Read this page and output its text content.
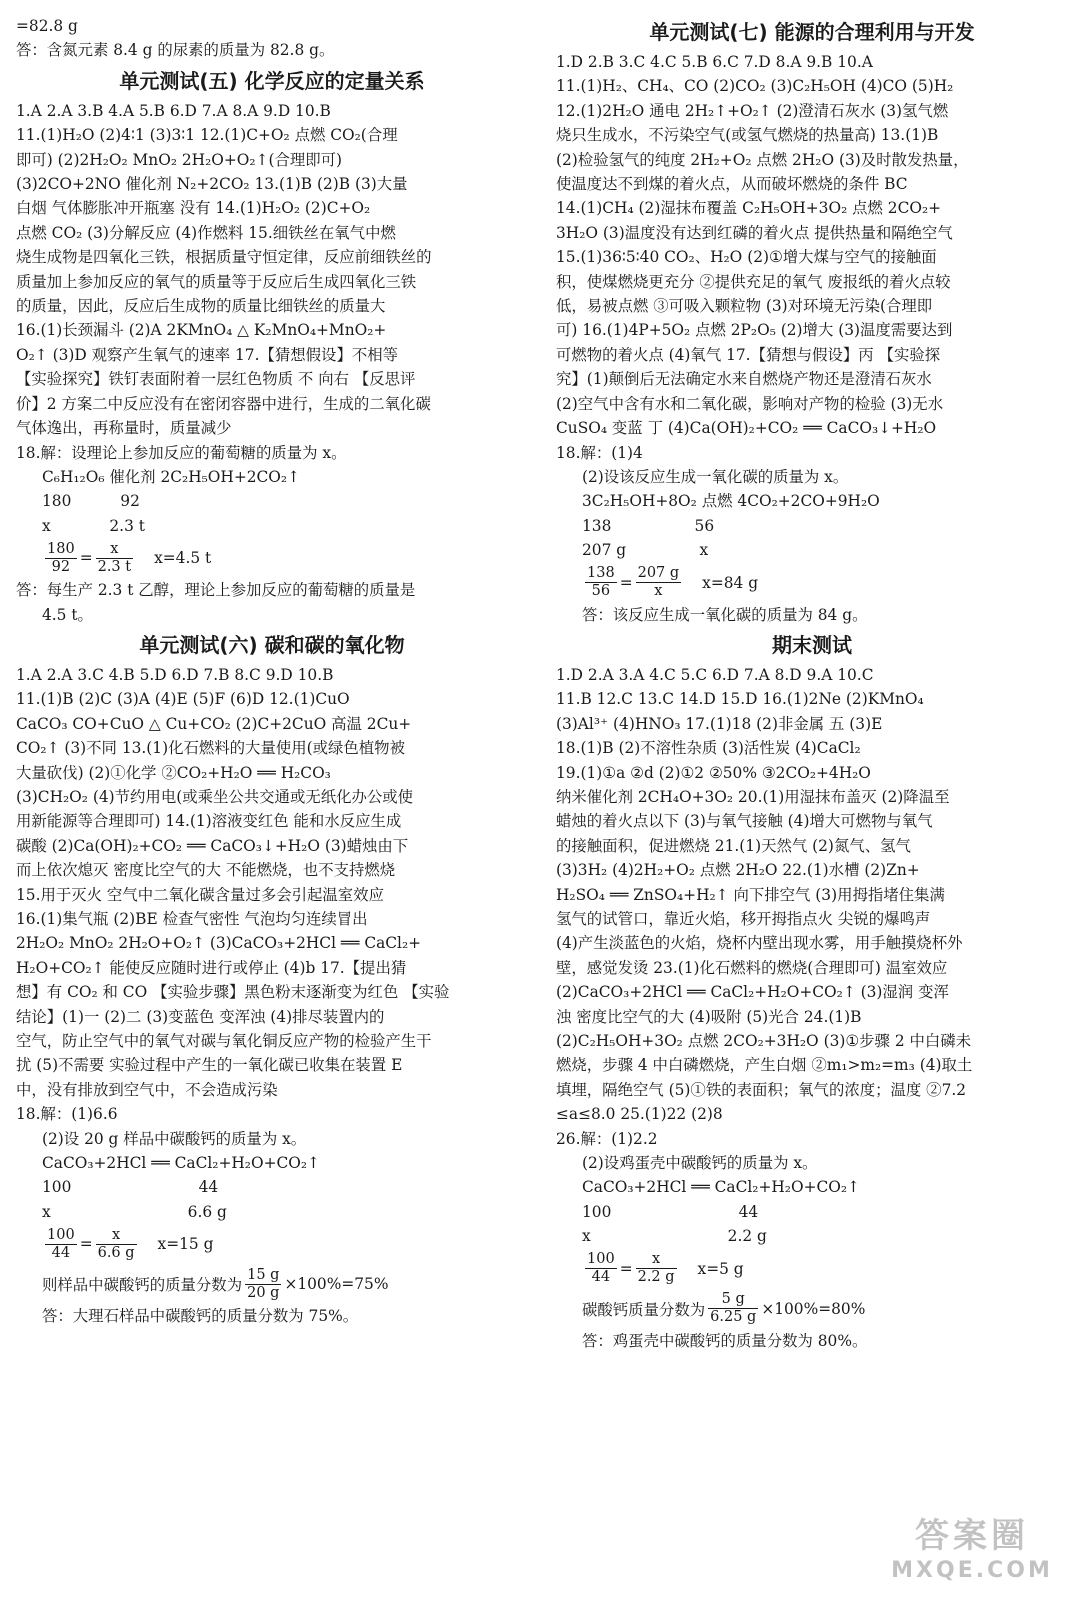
=82.8 g

答：含氮元素 8.4 g 的尿素的质量为 82.8 g。

单元测试(五) 化学反应的定量关系

1.A 2.A 3.B 4.A 5.B 6.D 7.A 8.A 9.D 10.B

11.(1)H₂O (2)4∶1 (3)3∶1 12.(1)C+O₂ 点燃 CO₂(合理

即可) (2)2H₂O₂ MnO₂ 2H₂O+O₂↑(合理即可)

(3)2CO+2NO 催化剂 N₂+2CO₂ 13.(1)B (2)B (3)大量

白烟 气体膨胀冲开瓶塞 没有 14.(1)H₂O₂ (2)C+O₂

点燃 CO₂ (3)分解反应 (4)作燃料 15.细铁丝在氧气中燃

烧生成物是四氧化三铁，根据质量守恒定律，反应前细铁丝的

质量加上参加反应的氧气的质量等于反应后生成四氧化三铁

的质量，因此，反应后生成物的质量比细铁丝的质量大

16.(1)长颈漏斗 (2)A 2KMnO₄ △ K₂MnO₄+MnO₂+

O₂↑ (3)D 观察产生氧气的速率 17.【猜想假设】不相等

【实验探究】铁钉表面附着一层红色物质 不 向右 【反思评

价】2 方案二中反应没有在密闭容器中进行，生成的二氧化碳

气体逸出，再称量时，质量减少

18.解：设理论上参加反应的葡萄糖的质量为 x。

C₆H₁₂O₆ 催化剂 2C₂H₅OH+2CO₂↑

180          92

x            2.3 t

$\frac{180}{92} = \frac{x}{2.3 t} x=4.5$ t

答：每生产 2.3 t 乙醇，理论上参加反应的葡萄糖的质量是

4.5 t。

单元测试(六) 碳和碳的氧化物

1.A 2.A 3.C 4.B 5.D 6.D 7.B 8.C 9.D 10.B

11.(1)B (2)C (3)A (4)E (5)F (6)D 12.(1)CuO

CaCO₃ CO+CuO △ Cu+CO₂ (2)C+2CuO 高温 2Cu+

CO₂↑ (3)不同 13.(1)化石燃料的大量使用(或绿色植物被

大量砍伐) (2)①化学 ②CO₂+H₂O ══ H₂CO₃

(3)CH₂O₂ (4)节约用电(或乘坐公共交通或无纸化办公或使

用新能源等合理即可) 14.(1)溶液变红色 能和水反应生成

碳酸 (2)Ca(OH)₂+CO₂ ══ CaCO₃↓+H₂O (3)蜡烛由下

而上依次熄灭 密度比空气的大 不能燃烧，也不支持燃烧

15.用于灭火 空气中二氧化碳含量过多会引起温室效应

16.(1)集气瓶 (2)BE 检查气密性 气泡均匀连续冒出

2H₂O₂ MnO₂ 2H₂O+O₂↑ (3)CaCO₃+2HCl ══ CaCl₂+

H₂O+CO₂↑ 能使反应随时进行或停止 (4)b 17.【提出猜

想】有 CO₂ 和 CO 【实验步骤】黑色粉末逐渐变为红色 【实验

结论】(1)一 (2)二 (3)变蓝色 变浑浊 (4)排尽装置内的

空气，防止空气中的氧气对碳与氧化铜反应产物的检验产生干

扰 (5)不需要 实验过程中产生的一氧化碳已收集在装置 E

中，没有排放到空气中，不会造成污染

18.解：(1)6.6

(2)设 20 g 样品中碳酸钙的质量为 x。

CaCO₃+2HCl ══ CaCl₂+H₂O+CO₂↑

100                          44

x                            6.6 g

$\frac{100}{44} = \frac{x}{6.6 g} x=15$ g
则样品中碳酸钙的质量分数为 $\frac{15 g}{20 g} \times 100\%=75\%$

答：大理石样品中碳酸钙的质量分数为 75%。

单元测试(七) 能源的合理利用与开发

1.D 2.B 3.C 4.C 5.B 6.C 7.D 8.A 9.B 10.A

11.(1)H₂、CH₄、CO (2)CO₂ (3)C₂H₅OH (4)CO (5)H₂

12.(1)2H₂O 通电 2H₂↑+O₂↑ (2)澄清石灰水 (3)氢气燃

烧只生成水，不污染空气(或氢气燃烧的热量高) 13.(1)B

(2)检验氢气的纯度 2H₂+O₂ 点燃 2H₂O (3)及时散发热量，

使温度达不到煤的着火点，从而破坏燃烧的条件 BC

14.(1)CH₄ (2)湿抹布覆盖 C₂H₅OH+3O₂ 点燃 2CO₂+

3H₂O (3)温度没有达到红磷的着火点 提供热量和隔绝空气

15.(1)36∶5∶40 CO₂、H₂O (2)①增大煤与空气的接触面

积，使煤燃烧更充分 ②提供充足的氧气 废报纸的着火点较

低，易被点燃 ③可吸入颗粒物 (3)对环境无污染(合理即

可) 16.(1)4P+5O₂ 点燃 2P₂O₅ (2)增大 (3)温度需要达到

可燃物的着火点 (4)氧气 17.【猜想与假设】丙 【实验探

究】(1)颠倒后无法确定水来自燃烧产物还是澄清石灰水

(2)空气中含有水和二氧化碳，影响对产物的检验 (3)无水

CuSO₄ 变蓝 丁 (4)Ca(OH)₂+CO₂ ══ CaCO₃↓+H₂O

18.解：(1)4

(2)设该反应生成一氧化碳的质量为 x。

3C₂H₅OH+8O₂ 点燃 4CO₂+2CO+9H₂O

138                 56

207 g               x

$\frac{138}{56} = \frac{207 g}{x} x=84$ g

答：该反应生成一氧化碳的质量为 84 g。

期末测试

1.D 2.A 3.A 4.C 5.C 6.D 7.A 8.D 9.A 10.C

11.B 12.C 13.C 14.D 15.D 16.(1)2Ne (2)KMnO₄

(3)Al³⁺ (4)HNO₃ 17.(1)18 (2)非金属 五 (3)E

18.(1)B (2)不溶性杂质 (3)活性炭 (4)CaCl₂

19.(1)①a ②d (2)①2 ②50% ③2CO₂+4H₂O

纳米催化剂 2CH₄O+3O₂ 20.(1)用湿抹布盖灭 (2)降温至

蜡烛的着火点以下 (3)与氧气接触 (4)增大可燃物与氧气

的接触面积，促进燃烧 21.(1)天然气 (2)氮气、氢气

(3)3H₂ (4)2H₂+O₂ 点燃 2H₂O 22.(1)水槽 (2)Zn+

H₂SO₄ ══ ZnSO₄+H₂↑ 向下排空气 (3)用拇指堵住集满

氢气的试管口，靠近火焰，移开拇指点火 尖锐的爆鸣声

(4)产生淡蓝色的火焰，烧杯内壁出现水雾，用手触摸烧杯外

壁，感觉发烫 23.(1)化石燃料的燃烧(合理即可) 温室效应

(2)CaCO₃+2HCl ══ CaCl₂+H₂O+CO₂↑ (3)湿润 变浑

浊 密度比空气的大 (4)吸附 (5)光合 24.(1)B

(2)C₂H₅OH+3O₂ 点燃 2CO₂+3H₂O (3)①步骤 2 中白磷未

燃烧，步骤 4 中白磷燃烧，产生白烟 ②m₁>m₂=m₃ (4)取土

填埋，隔绝空气 (5)①铁的表面积；氧气的浓度；温度 ②7.2

≤a≤8.0 25.(1)22 (2)8

26.解：(1)2.2

(2)设鸡蛋壳中碳酸钙的质量为 x。

CaCO₃+2HCl ══ CaCl₂+H₂O+CO₂↑

100                          44

x                            2.2 g

$\frac{100}{44} = \frac{x}{2.2 g} x=5$ g
碳酸钙质量分数为 $\frac{5 g}{6.25 g} \times 100\%=80\%$

答：鸡蛋壳中碳酸钙的质量分数为 80%。

答案圈
MXQE.COM
